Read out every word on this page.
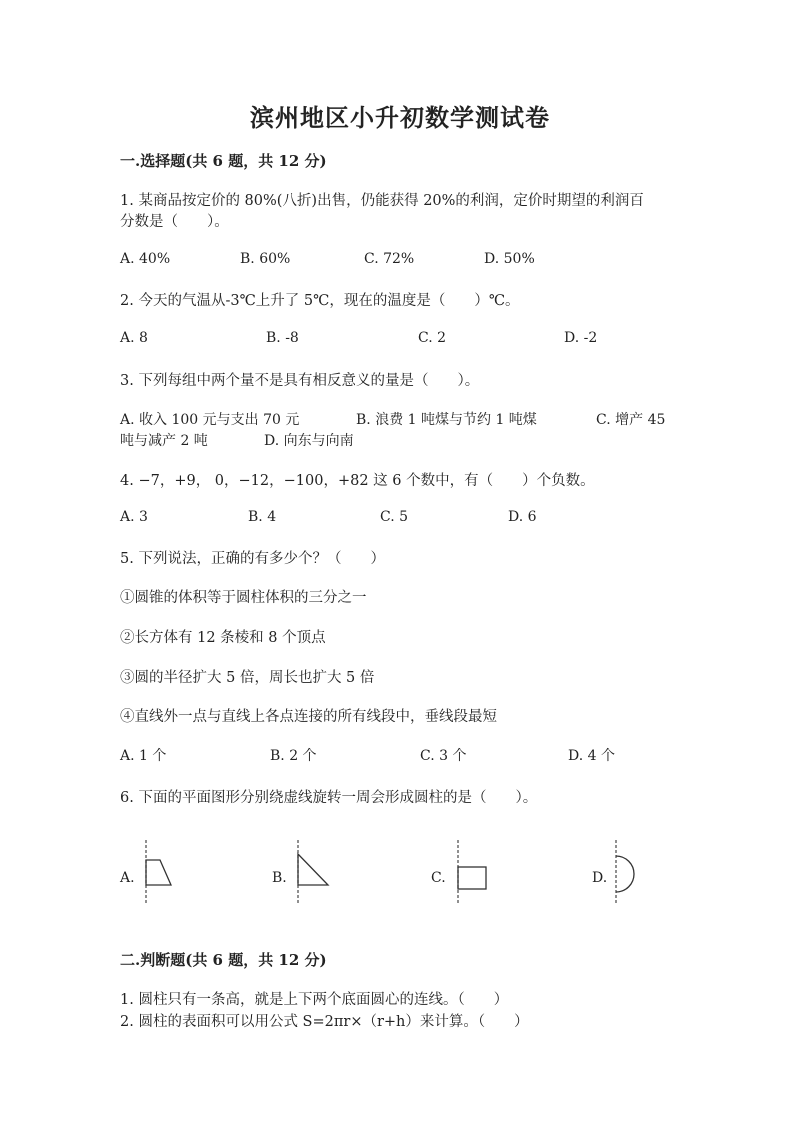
滨州地区小升初数学测试卷
一.选择题(共 6 题，共 12 分)
1. 某商品按定价的 80%(八折)出售，仍能获得 20%的利润，定价时期望的利润百
分数是（　　）。
A. 40%	B. 60%	C. 72%	D. 50%
2. 今天的气温从-3℃上升了 5℃，现在的温度是（　　）℃。
A. 8	B. -8	C. 2	D. -2
3. 下列每组中两个量不是具有相反意义的量是（　　）。
A. 收入 100 元与支出 70 元	B. 浪费 1 吨煤与节约 1 吨煤	C. 增产 45
吨与减产 2 吨	D. 向东与向南
4. −7，+9， 0，−12，−100，+82 这 6 个数中，有（　　）个负数。
A. 3	B. 4	C. 5	D. 6
5. 下列说法，正确的有多少个？（　　）
①圆锥的体积等于圆柱体积的三分之一
②长方体有 12 条棱和 8 个顶点
③圆的半径扩大 5 倍，周长也扩大 5 倍
④直线外一点与直线上各点连接的所有线段中，垂线段最短
A. 1 个	B. 2 个	C. 3 个	D. 4 个
6. 下面的平面图形分别绕虚线旋转一周会形成圆柱的是（　　）。
A.	B.	C.	D.
二.判断题(共 6 题，共 12 分)
1. 圆柱只有一条高，就是上下两个底面圆心的连线。（　　）
2. 圆柱的表面积可以用公式 S=2πr×（r+h）来计算。（　　）
